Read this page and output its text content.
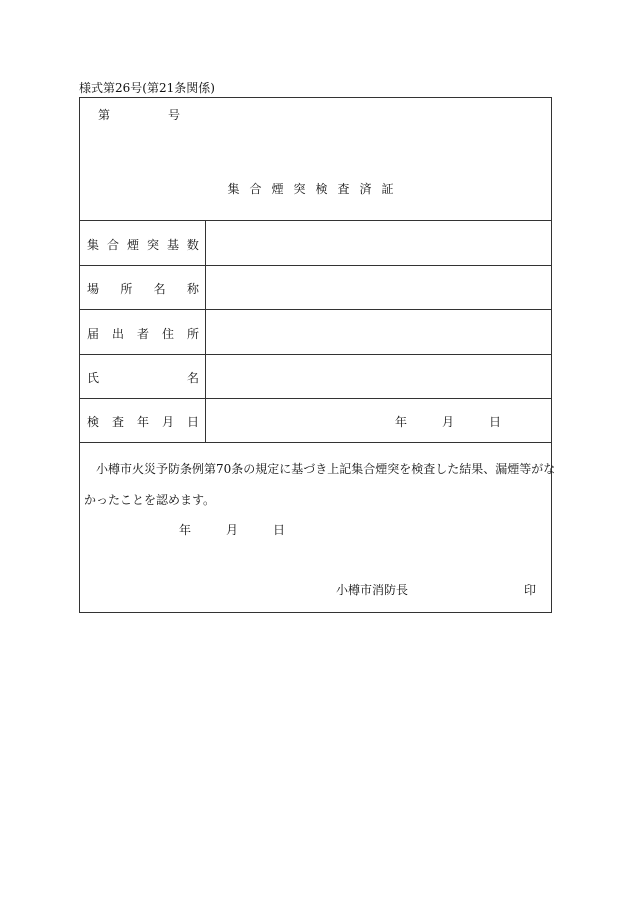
様式第26号(第21条関係)
第	号
集合煙突検査済証
集 合 煙 突 基 数
場 所 名 称
届 出 者 住 所
氏	名
検 査 年 月 日	年	月	日
小樽市火災予防条例第70条の規定に基づき上記集合煙突を検査した結果、漏煙等がな
かったことを認めます。
年	月	日
小樽市消防長	印
